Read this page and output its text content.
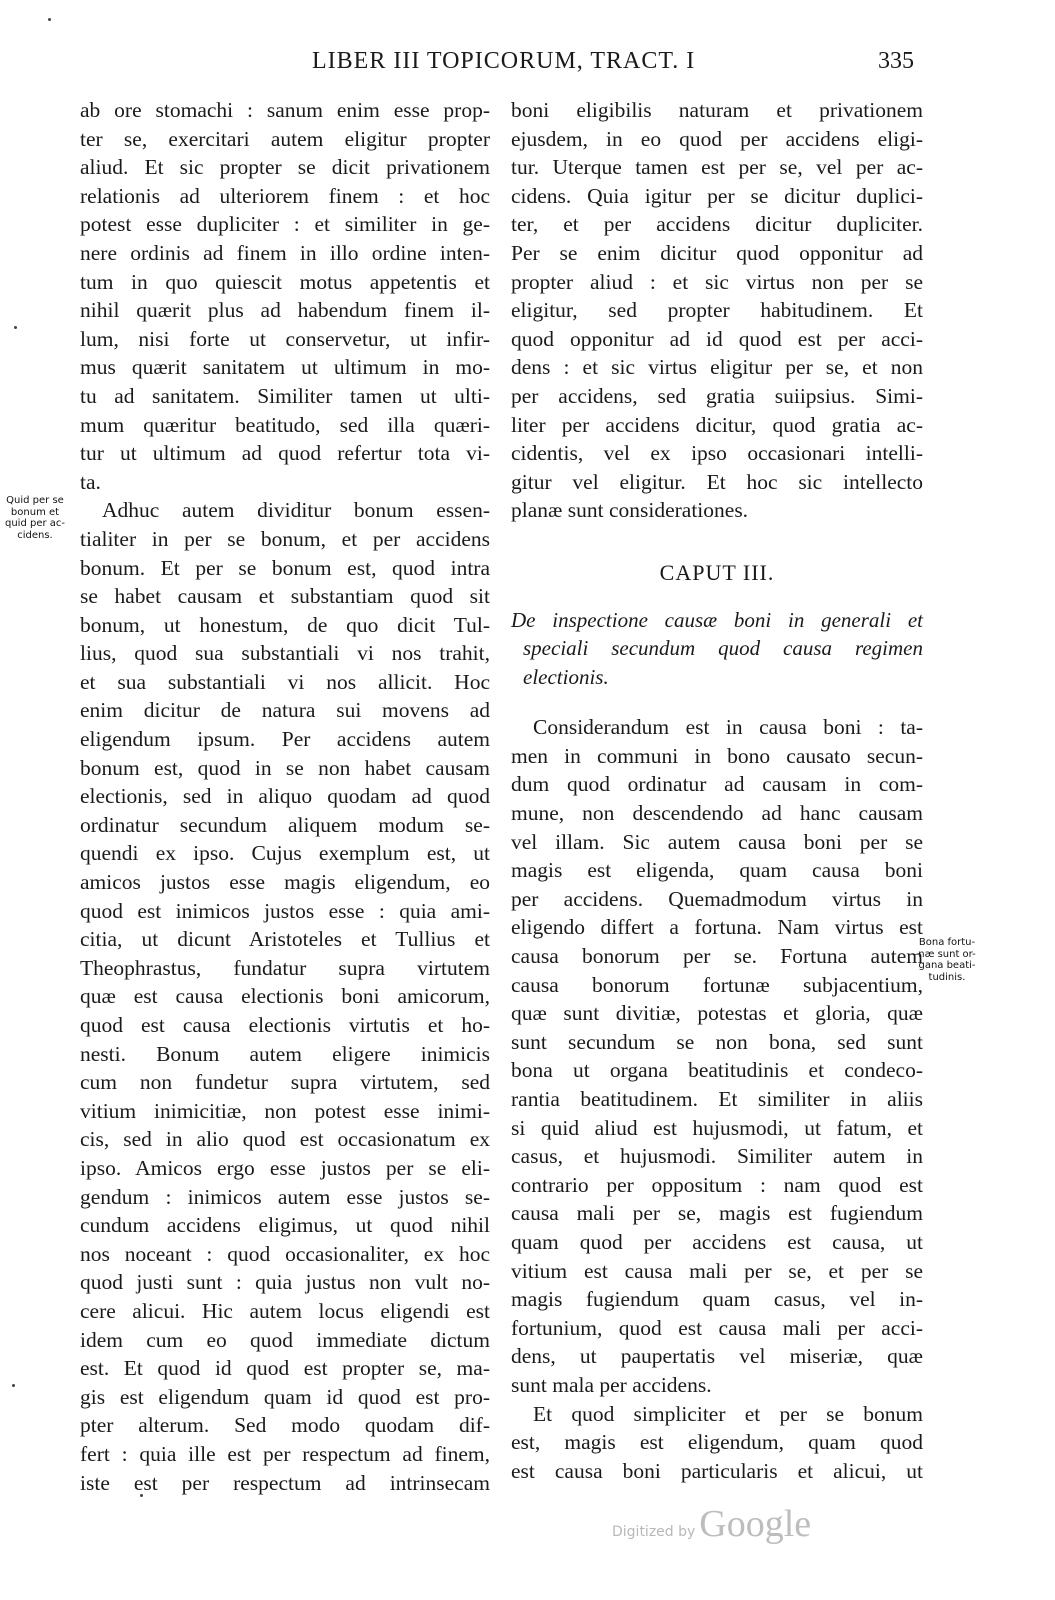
LIBER III TOPICORUM, TRACT. I	335
ab ore stomachi : sanum enim esse prop-
ter se, exercitari autem eligitur propter
aliud. Et sic propter se dicit privationem
relationis ad ulteriorem finem : et hoc
potest esse dupliciter : et similiter in ge-
nere ordinis ad finem in illo ordine inten-
tum in quo quiescit motus appetentis et
nihil quærit plus ad habendum finem il-
lum, nisi forte ut conservetur, ut infir-
mus quærit sanitatem ut ultimum in mo-
tu ad sanitatem. Similiter tamen ut ulti-
mum quæritur beatitudo, sed illa quæri-
tur ut ultimum ad quod refertur tota vi-
ta.
Adhuc autem dividitur bonum essen-
tialiter in per se bonum, et per accidens
bonum. Et per se bonum est, quod intra
se habet causam et substantiam quod sit
bonum, ut honestum, de quo dicit Tul-
lius, quod sua substantiali vi nos trahit,
et sua substantiali vi nos allicit. Hoc
enim dicitur de natura sui movens ad
eligendum ipsum. Per accidens autem
bonum est, quod in se non habet causam
electionis, sed in aliquo quodam ad quod
ordinatur secundum aliquem modum se-
quendi ex ipso. Cujus exemplum est, ut
amicos justos esse magis eligendum, eo
quod est inimicos justos esse : quia ami-
citia, ut dicunt Aristoteles et Tullius et
Theophrastus, fundatur supra virtutem
quæ est causa electionis boni amicorum,
quod est causa electionis virtutis et ho-
nesti. Bonum autem eligere inimicis
cum non fundetur supra virtutem, sed
vitium inimicitiæ, non potest esse inimi-
cis, sed in alio quod est occasionatum ex
ipso. Amicos ergo esse justos per se eli-
gendum : inimicos autem esse justos se-
cundum accidens eligimus, ut quod nihil
nos noceant : quod occasionaliter, ex hoc
quod justi sunt : quia justus non vult no-
cere alicui. Hic autem locus eligendi est
idem cum eo quod immediate dictum
est. Et quod id quod est propter se, ma-
gis est eligendum quam id quod est pro-
pter alterum. Sed modo quodam dif-
fert : quia ille est per respectum ad finem,
iste est per respectum ad intrinsecam
boni eligibilis naturam et privationem
ejusdem, in eo quod per accidens eligi-
tur. Uterque tamen est per se, vel per ac-
cidens. Quia igitur per se dicitur duplici-
ter, et per accidens dicitur dupliciter.
Per se enim dicitur quod opponitur ad
propter aliud : et sic virtus non per se
eligitur, sed propter habitudinem. Et
quod opponitur ad id quod est per acci-
dens : et sic virtus eligitur per se, et non
per accidens, sed gratia suiipsius. Simi-
liter per accidens dicitur, quod gratia ac-
cidentis, vel ex ipso occasionari intelli-
gitur vel eligitur. Et hoc sic intellecto
planæ sunt considerationes.
CAPUT III.
De inspectione causæ boni in generali et
speciali secundum quod causa regimen
electionis.
Considerandum est in causa boni : ta-
men in communi in bono causato secun-
dum quod ordinatur ad causam in com-
mune, non descendendo ad hanc causam
vel illam. Sic autem causa boni per se
magis est eligenda, quam causa boni
per accidens. Quemadmodum virtus in
eligendo differt a fortuna. Nam virtus est
causa bonorum per se. Fortuna autem
causa bonorum fortunæ subjacentium,
quæ sunt divitiæ, potestas et gloria, quæ
sunt secundum se non bona, sed sunt
bona ut organa beatitudinis et condeco-
rantia beatitudinem. Et similiter in aliis
si quid aliud est hujusmodi, ut fatum, et
casus, et hujusmodi. Similiter autem in
contrario per oppositum : nam quod est
causa mali per se, magis est fugiendum
quam quod per accidens est causa, ut
vitium est causa mali per se, et per se
magis fugiendum quam casus, vel in-
fortunium, quod est causa mali per acci-
dens, ut paupertatis vel miseriæ, quæ
sunt mala per accidens.
Et quod simpliciter et per se bonum
est, magis est eligendum, quam quod
est causa boni particularis et alicui, ut
Quid per se
bonum et
quid per ac-
cidens.
Bona fortu-
næ sunt or-
gana beati-
tudinis.
Digitized by Google
